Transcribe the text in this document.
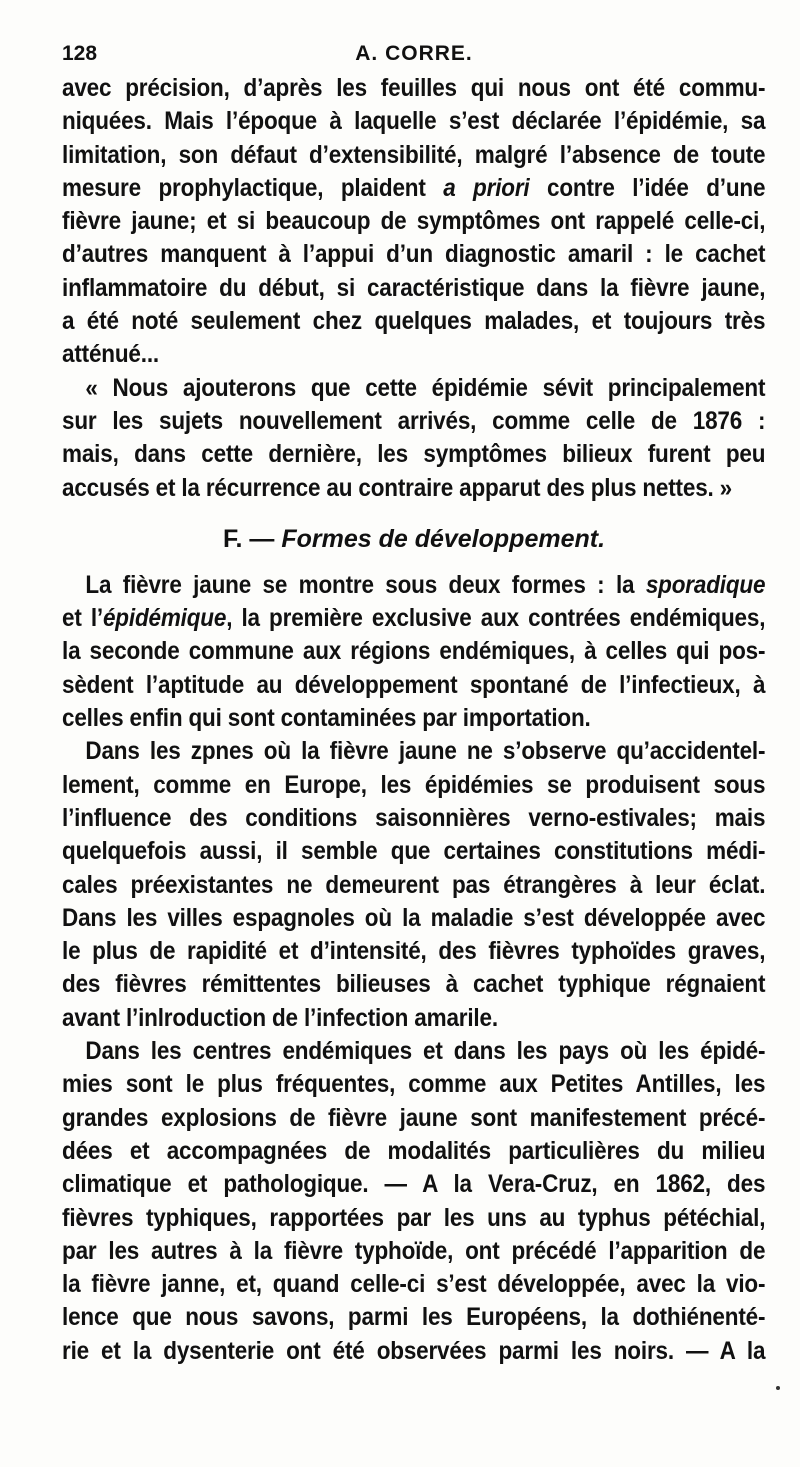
128	A. CORRE.
avec précision, d’après les feuilles qui nous ont été commu-
niquées. Mais l’époque à laquelle s’est déclarée l’épidémie, sa
limitation, son défaut d’extensibilité, malgré l’absence de toute
mesure prophylactique, plaident a priori contre l’idée d’une
fièvre jaune; et si beaucoup de symptômes ont rappelé celle-ci,
d’autres manquent à l’appui d’un diagnostic amaril : le cachet
inflammatoire du début, si caractéristique dans la fièvre jaune,
a été noté seulement chez quelques malades, et toujours très
atténué...
« Nous ajouterons que cette épidémie sévit principalement
sur les sujets nouvellement arrivés, comme celle de 1876 :
mais, dans cette dernière, les symptômes bilieux furent peu
accusés et la récurrence au contraire apparut des plus nettes. »
F. — Formes de développement.
La fièvre jaune se montre sous deux formes : la sporadique
et l’épidémique, la première exclusive aux contrées endémiques,
la seconde commune aux régions endémiques, à celles qui pos-
sèdent l’aptitude au développement spontané de l’infectieux, à
celles enfin qui sont contaminées par importation.
Dans les zpnes où la fièvre jaune ne s’observe qu’accidentel-
lement, comme en Europe, les épidémies se produisent sous
l’influence des conditions saisonnières verno-estivales; mais
quelquefois aussi, il semble que certaines constitutions médi-
cales préexistantes ne demeurent pas étrangères à leur éclat.
Dans les villes espagnoles où la maladie s’est développée avec
le plus de rapidité et d’intensité, des fièvres typhoïdes graves,
des fièvres rémittentes bilieuses à cachet typhique régnaient
avant l’inlroduction de l’infection amarile.
Dans les centres endémiques et dans les pays où les épidé-
mies sont le plus fréquentes, comme aux Petites Antilles, les
grandes explosions de fièvre jaune sont manifestement précé-
dées et accompagnées de modalités particulières du milieu
climatique et pathologique. — A la Vera-Cruz, en 1862, des
fièvres typhiques, rapportées par les uns au typhus pétéchial,
par les autres à la fièvre typhoïde, ont précédé l’apparition de
la fièvre janne, et, quand celle-ci s’est développée, avec la vio-
lence que nous savons, parmi les Européens, la dothiénenté-
rie et la dysenterie ont été observées parmi les noirs. — A la
